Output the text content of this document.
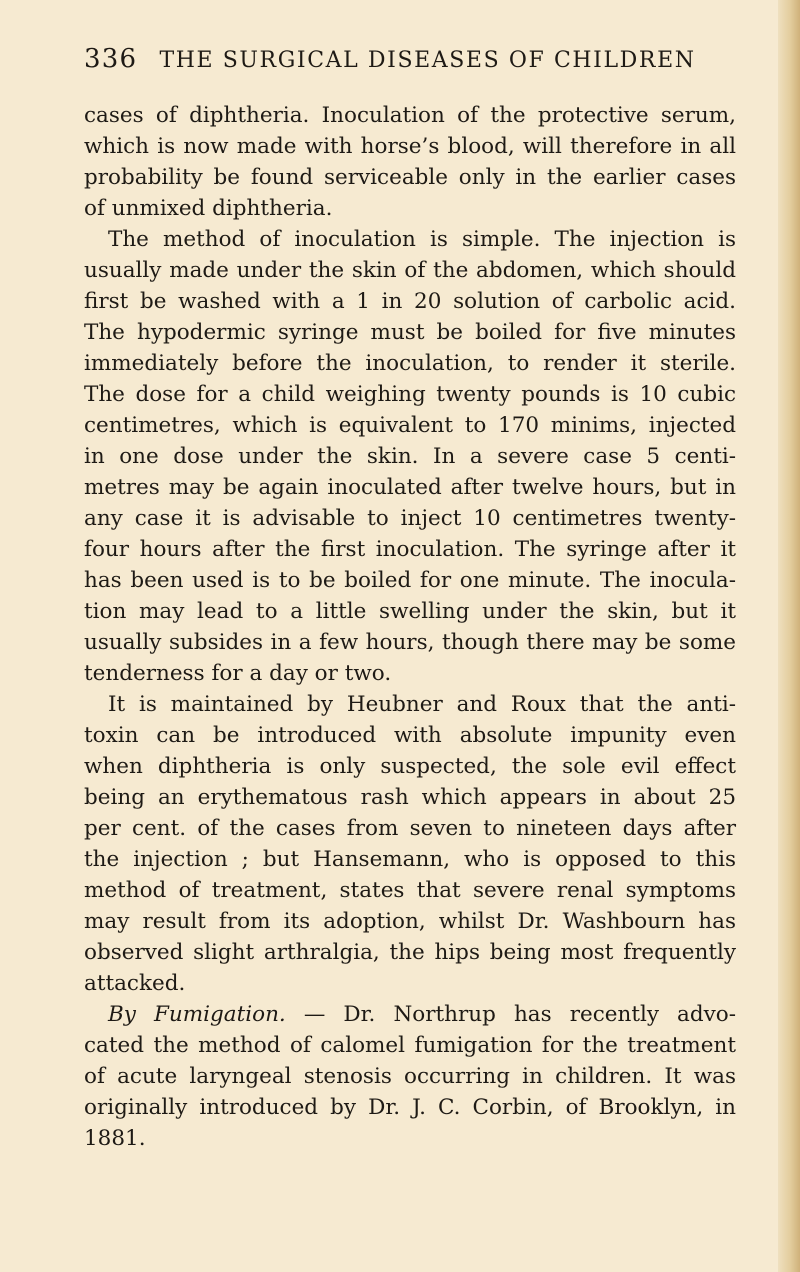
336 THE SURGICAL DISEASES OF CHILDREN
cases of diphtheria. Inoculation of the protective serum,
which is now made with horse’s blood, will therefore in all
probability be found serviceable only in the earlier cases
of unmixed diphtheria.
The method of inoculation is simple. The injection is
usually made under the skin of the abdomen, which should
first be washed with a 1 in 20 solution of carbolic acid.
The hypodermic syringe must be boiled for five minutes
immediately before the inoculation, to render it sterile.
The dose for a child weighing twenty pounds is 10 cubic
centimetres, which is equivalent to 170 minims, injected
in one dose under the skin. In a severe case 5 centi-
metres may be again inoculated after twelve hours, but in
any case it is advisable to inject 10 centimetres twenty-
four hours after the first inoculation. The syringe after it
has been used is to be boiled for one minute. The inocula-
tion may lead to a little swelling under the skin, but it
usually subsides in a few hours, though there may be some
tenderness for a day or two.
It is maintained by Heubner and Roux that the anti-
toxin can be introduced with absolute impunity even
when diphtheria is only suspected, the sole evil effect
being an erythematous rash which appears in about 25
per cent. of the cases from seven to nineteen days after
the injection ; but Hansemann, who is opposed to this
method of treatment, states that severe renal symptoms
may result from its adoption, whilst Dr. Washbourn has
observed slight arthralgia, the hips being most frequently
attacked.
By Fumigation. — Dr. Northrup has recently advo-
cated the method of calomel fumigation for the treatment
of acute laryngeal stenosis occurring in children. It was
originally introduced by Dr. J. C. Corbin, of Brooklyn, in
1881.
